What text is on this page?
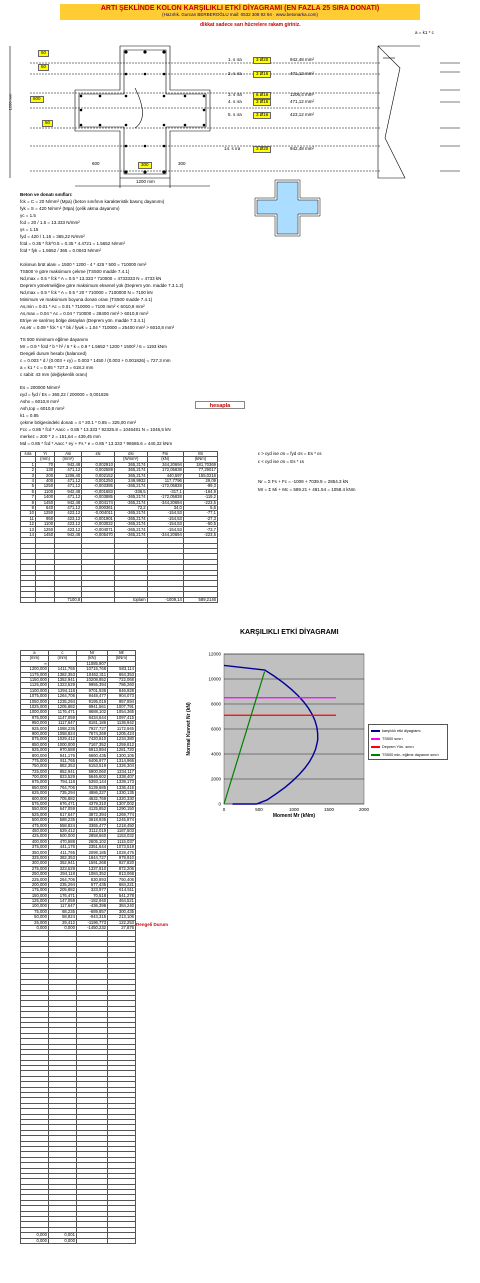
ARTI ŞEKLİNDE KOLON KARŞILIKLI ETKİ DİYAGRAMI (EN FAZLA 25 SIRA DONATI)
(Hazırlık. Gurcan BERBEROĞLU mail: 0532 308 92 94 · www.betonarka.com)
dikkat sadece sarı hücrelere rakam giriniz.
50
50
600
1200 mm
50
600	300	300
1200 mm
a = k1 * c
1. s ıra	3 Ø20	942,48 mm²
2. s ıra	3 Ø16	471,12 mm²
3. s ıra	6 Ø16	1206,4 mm²
4. s ıra	3 Ø16	471,12 mm²
5. s ıra	3 Ø16	423,12 mm²
14. s ıra	3 Ø20	942,48 mm²
Beton ve donatı sınıfları:
fck = C = 20 N/mm² (Mpa) (beton sınıfının karakteristik basınç dayanımı)
fyk = S = 420 N/mm² (Mpa) (çelik akma dayanımı)
γc = 1.5
fcd = 20 / 1.5 = 13.333 N/mm²
γs = 1.15
fyd = 420 / 1.15 = 365,22 N/mm²
fctd = 0.35 * fck^0.5 = 0.35 * 4.4721 = 1.5652 N/mm²
fctd * fyk = 1.5652 / 365 = 0.0043 N/mm²
Kolonun brüt alanı = 1500 * 1200 - 4 * 425 * 500 = 710000 mm²
TS500 'e göre maksimum çekme (TS500 madde 7.4.1)
Nd,max = 0.5 * fck * A = 0.5 * 13.333 * 710000 = 4733333 N = 4733 kN
Deprem yönetmeliğine göre maksimum eksenel yük (Deprem yön. madde 7.3.1.2)
Nd,max = 0.5 * fck * A = 0.5 * 20 * 710000 = 7100000 N = 7100 kN
Minimum ve maksimum boyuna donatı oranı (TS500 madde 7.4.1)
As,min = 0.01 * Ac = 0.01 * 710000 = 7100 mm² < 6010,8 mm²
As,max = 0.04 * Ac = 0.04 * 710000 = 28400 mm² > 6010,8 mm²
Etriye ve sarılmış bölge detayları (Deprem yön. madde 7.3.4.1)
As,etr = 0.09 * fck * s * bk / fywk = 1.04 * 710000 = 25400 mm² > 6010,8 mm²
TS 500 minimum eğilme dayanımı
Mr = 0.9 * fctd * b * h² / 6 * k = 0.9 * 1.5652 * 1200 * 1500² / 6 = 1193 kNm
Dengeli durum hesabı (balanced)
c = 0.003 * d / (0.003 + εy) = 0.003 * 1450 / (0.003 + 0.001826) = 727.3 mm
a = k1 * c = 0.85 * 727.3 = 618.2 mm
c sabit: 43 mm (değişkenlik oranı)
Es = 200000 N/mm²
εyd = fyd / Es = 365,22 / 200000 = 0,001826
Ashx = 6010,8 mm²
Ash,top = 6010,8 mm²
k1 = 0.85
çekme bölgesindeki donatı = 4 * 20.1 * 0.85 = 325,00 mm²
Fcc = 0.85 * fcd * Aacc = 0.85 * 13.333 * 92325.8 = 1046481 N = 1046,5 kN
merkez = 200 * 2 = 151,64 = 439,45 mm
Md = 0.85 * fcd * Aacc * ey + Fs * e = 0.85 * 13.333 * 96565.6 = 440,32 kNm
hesapla
ε > εyd ise σs = fyd σs = Es * εs
ε < εyd ise σs = Es * εs
Nr = Σ Fs + Fc = -1009 + 7039.9 = 2854.3 kN
Mr = Σ Mi + Mc = 589.21 + 481.54 = 1058.4 kNm
sıra	Yi	Asi	εsi	σsi	Fsi	Mi
	(mm)	(mm²)		(N/mm²)	(kN)	(kNm)
1	70	942,48	0,002910	365,2174	344,20694	181,70369
2	130	471,12	0,002589	365,2174	172,05838	77,29017
3	200	1206,40	0,002152	365,2174	440,597	155,0216
4	400	471,12	0,001250	249,9932	117,7796	29,09
5	1250	471,12	-0,003385	-365,2174	-172,05838	-99,3
6	1100	942,48	-0,001683	-336,5	-317,1	-164,9
7	1400	471,12	-0,003885	-365,2174	-172,05838	-119,2
8	1450	942,48	-0,004174	-365,2174	-344,20694	-223,5
9	640	471,12	0,000361	72,2	34,0	5,6
10	1250	423,12	-0,004011	-365,2174	-154,53	-77,1
11	950	423,12	-0,001901	-365,2174	-154,53	-27,3
12	1100	423,12	-0,003022	-365,2174	-154,53	-50,5
13	1250	423,12	-0,004071	-365,2174	-154,53	-73,7
14	1450	942,48	-0,005470	-365,2174	-344,20694	-223,5

		7100,8		toplam	-1009,14	589,2146
a	c	Nr	Mr
(mm)	(mm)	(kN)	(kNm)
∞		11085,907	
1200,000	1411,765	10715,768	583,114
1175,000	1382,353	10462,311	654,353
1150,000	1352,941	10208,852	722,068
1125,000	1323,529	9955,394	786,260
1100,000	1294,118	9701,936	846,928
1075,000	1264,706	9448,477	904,073
1050,000	1235,294	9195,019	957,694
1025,000	1205,882	8941,561	1007,791
1000,000	1176,471	8688,102	1054,365
975,000	1147,059	8434,644	1097,415
950,000	1117,647	8181,186	1136,942
925,000	1088,235	7927,727	1172,945
900,000	1058,824	7674,269	1205,424
875,000	1029,412	7420,810	1234,380
850,000	1000,000	7167,352	1259,812
825,000	970,588	6913,894	1281,720
800,000	941,176	6660,435	1300,105
775,000	911,765	6406,977	1314,966
750,000	882,353	6153,519	1326,304
725,000	852,941	5900,060	1334,117
700,000	823,529	5646,602	1338,407
675,000	794,118	5393,144	1339,173
650,000	764,706	5139,685	1336,416
625,000	735,294	4886,227	1330,135
600,000	705,882	4632,769	1320,330
575,000	676,471	4379,310	1307,002
550,000	647,059	4125,852	1290,150
525,000	617,647	3872,394	1269,774
500,000	588,235	3618,935	1245,874
475,000	558,824	3365,477	1218,450
450,000	529,412	3112,019	1187,503
425,000	500,000	2858,560	1153,032
400,000	470,588	2605,102	1115,037
375,000	441,176	2351,644	1073,519
350,000	411,765	2098,185	1028,476
325,000	382,353	1844,727	979,910
300,000	352,941	1591,268	927,820
275,000	323,529	1337,810	872,206
250,000	294,118	1084,352	813,068
225,000	264,706	830,893	750,406
200,000	235,294	577,435	684,221
175,000	205,882	323,977	614,511
150,000	176,471	70,518	541,278
125,000	147,059	-182,940	464,521
100,000	117,647	-436,398	384,240
75,000	88,235	-689,857	300,435
50,000	58,824	-943,315	213,106
25,000	29,412	-1196,773	122,253
0,000	0,000	-1450,232	27,876

0,000	0,001		
0,000	0,000		
Dengeli Durum
KARŞILIKLI ETKİ DİYAGRAMI
0
2000
4000
6000
8000
10000
12000
0	500	1000	1500	2000
Moment Mr (kNm)
Normal Kuvvet Nr (kN)	karşılıklı etki diyagramı
TS500 sınırı
Deprem Yön. sınırı
TS500 min. eğilme dayanım sınırı
